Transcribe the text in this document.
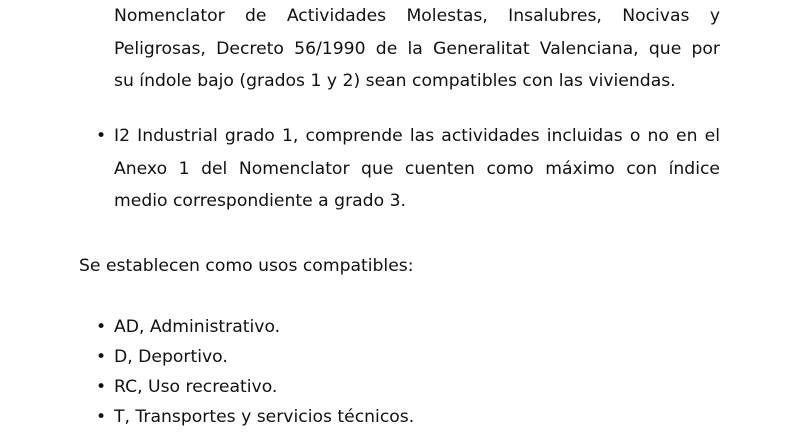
Nomenclator de Actividades Molestas, Insalubres, Nocivas y
Peligrosas, Decreto 56/1990 de la Generalitat Valenciana, que por
su índole bajo (grados 1 y 2) sean compatibles con las viviendas.
• I2 Industrial grado 1, comprende las actividades incluidas o no en el
Anexo 1 del Nomenclator que cuenten como máximo con índice
medio correspondiente a grado 3.
Se establecen como usos compatibles:
• AD, Administrativo.
• D, Deportivo.
• RC, Uso recreativo.
• T, Transportes y servicios técnicos.
